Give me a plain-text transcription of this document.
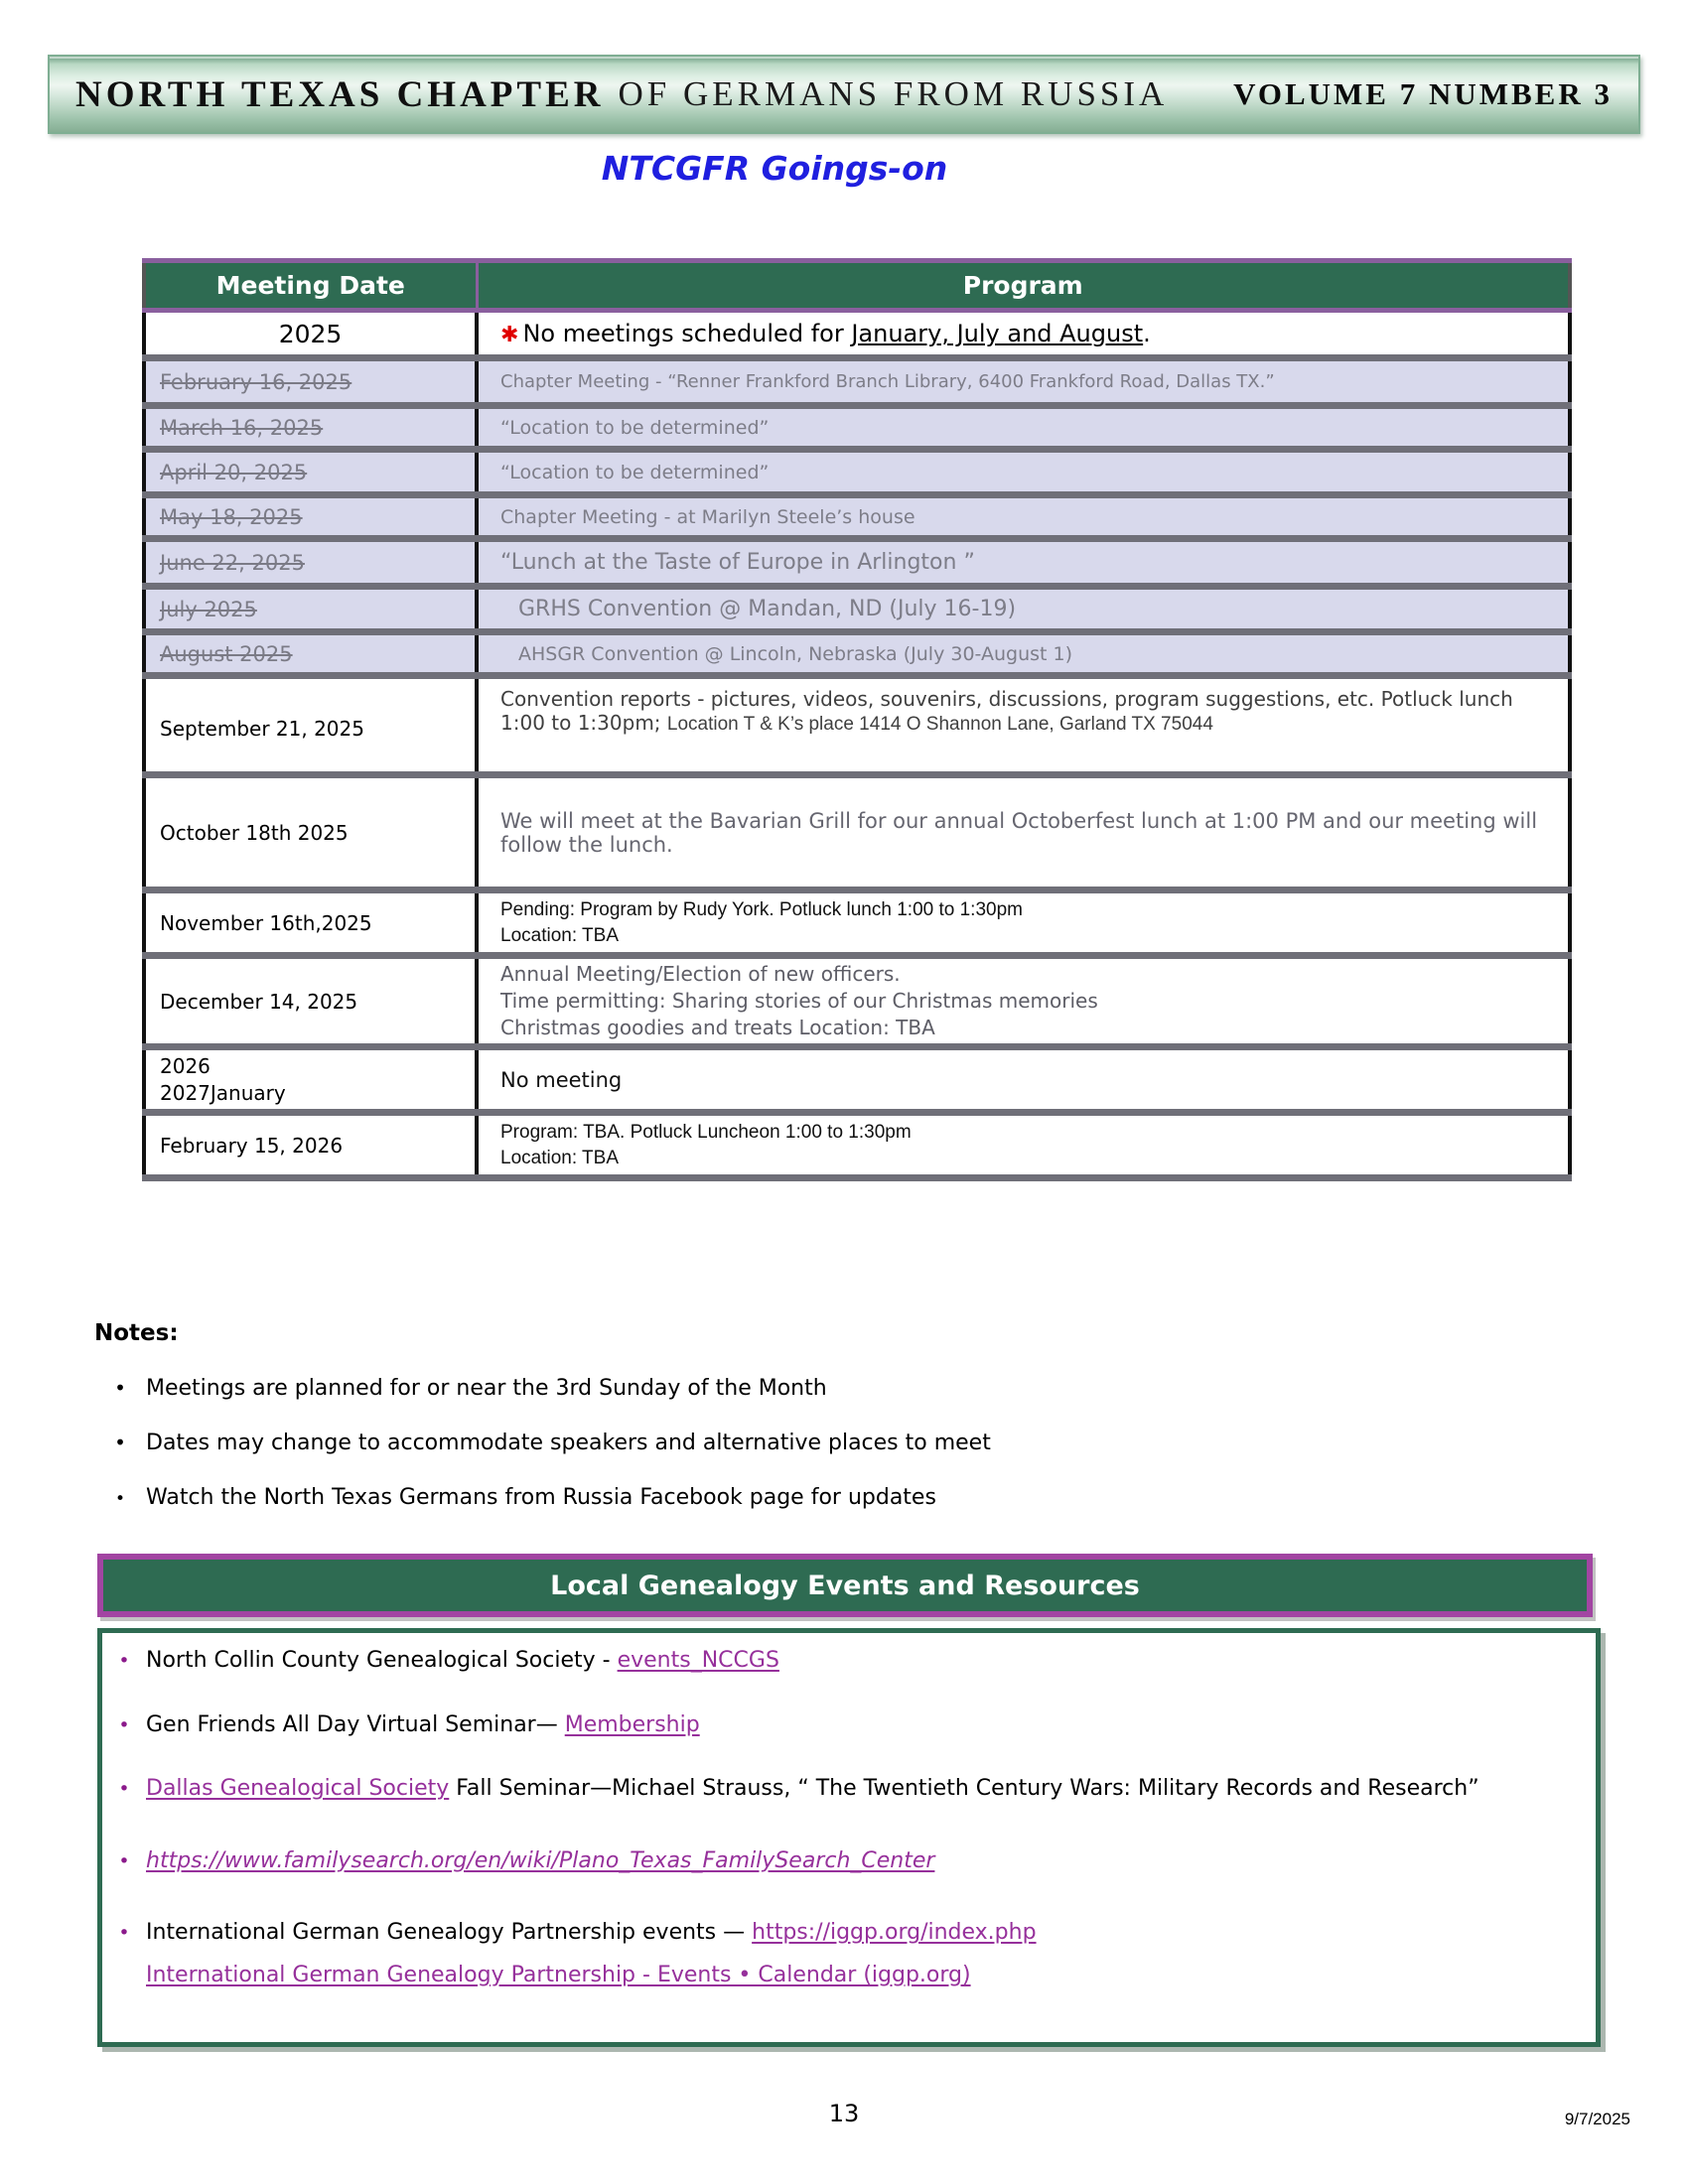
NORTH TEXAS CHAPTER OF GERMANS FROM RUSSIA VOLUME 7 NUMBER 3
NTCGFR Goings-on
Meeting Date	Program
2025	✱ No meetings scheduled for January, July and August.
February 16, 2025	Chapter Meeting - “Renner Frankford Branch Library, 6400 Frankford Road, Dallas TX.”
March 16, 2025	“Location to be determined”
April 20, 2025	“Location to be determined”
May 18, 2025	Chapter Meeting - at Marilyn Steele’s house
June 22, 2025	“Lunch at the Taste of Europe in Arlington ”
July 2025	GRHS Convention @ Mandan, ND (July 16-19)
August 2025	AHSGR Convention @ Lincoln, Nebraska (July 30-August 1)
September 21, 2025	Convention reports - pictures, videos, souvenirs, discussions, program suggestions, etc. Potluck lunch 1:00 to 1:30pm; Location T & K’s place 1414 O Shannon Lane, Garland TX 75044
October 18th 2025	We will meet at the Bavarian Grill for our annual Octoberfest lunch at 1:00 PM and our meeting will follow the lunch.
November 16th,2025	Pending: Program by Rudy York. Potluck lunch 1:00 to 1:30pm
Location: TBA

December 14, 2025	Annual Meeting/Election of new officers.
Time permitting: Sharing stories of our Christmas memories
Christmas goodies and treats Location: TBA

2026
2027January	No meeting
February 15, 2026	Program: TBA. Potluck Luncheon 1:00 to 1:30pm
Location: TBA
Notes:
• Meetings are planned for or near the 3rd Sunday of the Month
• Dates may change to accommodate speakers and alternative places to meet
• Watch the North Texas Germans from Russia Facebook page for updates
Local Genealogy Events and Resources
• North Collin County Genealogical Society - events_NCCGS
• Gen Friends All Day Virtual Seminar— Membership
• Dallas Genealogical Society Fall Seminar—Michael Strauss, “ The Twentieth Century Wars: Military Records and Research”
• https://www.familysearch.org/en/wiki/Plano_Texas_FamilySearch_Center
• International German Genealogy Partnership events — https://iggp.org/index.php
International German Genealogy Partnership - Events • Calendar (iggp.org)
13	9/7/2025
